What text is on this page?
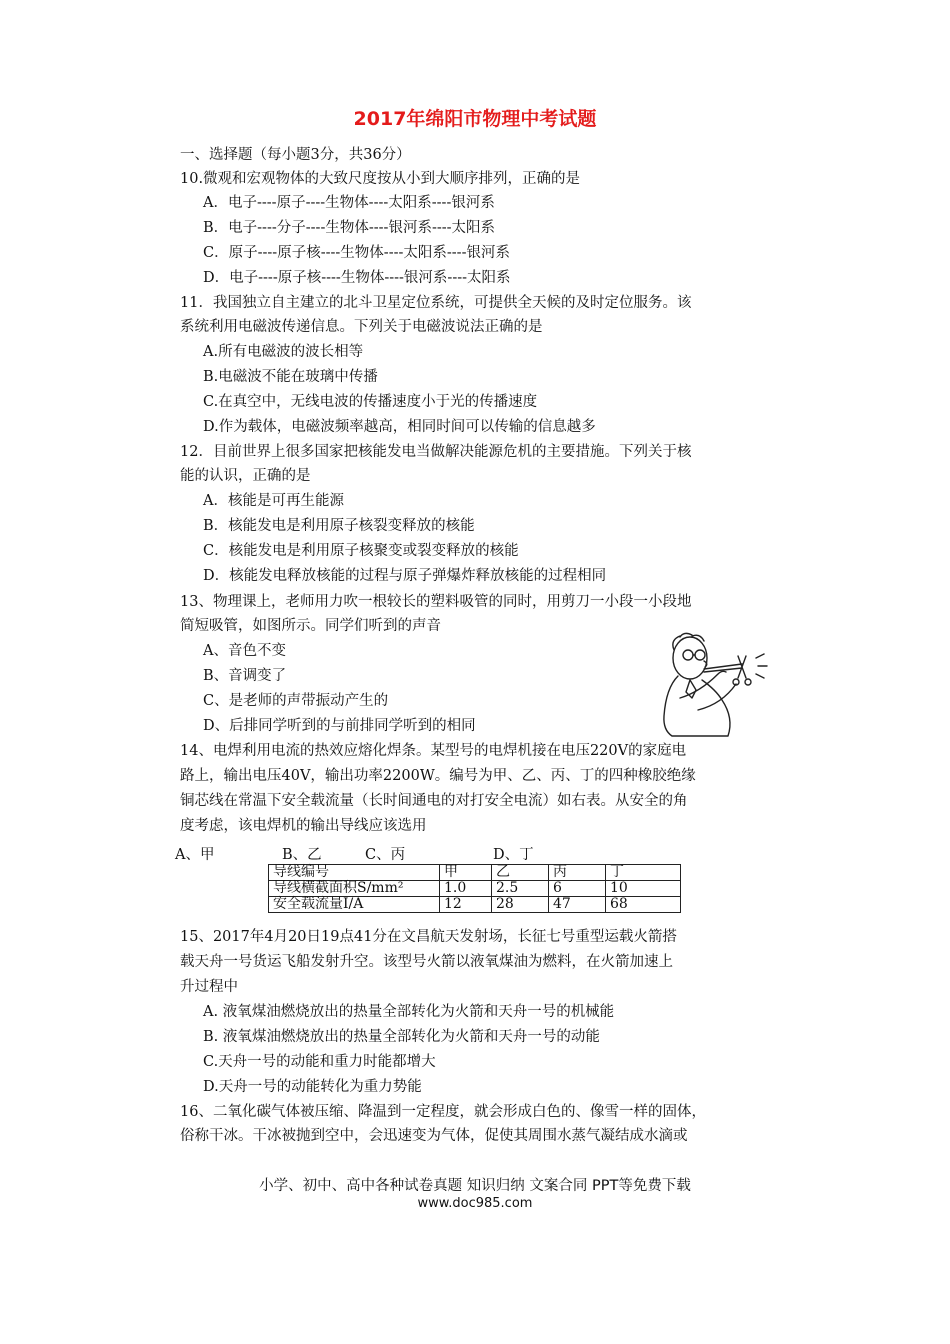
2017年绵阳市物理中考试题
一、选择题（每小题3分，共36分）
10.微观和宏观物体的大致尺度按从小到大顺序排列，正确的是
A．电子----原子----生物体----太阳系----银河系
B．电子----分子----生物体----银河系----太阳系
C．原子----原子核----生物体----太阳系----银河系
D．电子----原子核----生物体----银河系----太阳系
11．我国独立自主建立的北斗卫星定位系统，可提供全天候的及时定位服务。该
系统利用电磁波传递信息。下列关于电磁波说法正确的是
A.所有电磁波的波长相等
B.电磁波不能在玻璃中传播
C.在真空中，无线电波的传播速度小于光的传播速度
D.作为载体，电磁波频率越高，相同时间可以传输的信息越多
12．目前世界上很多国家把核能发电当做解决能源危机的主要措施。下列关于核
能的认识，正确的是
A．核能是可再生能源
B．核能发电是利用原子核裂变释放的核能
C．核能发电是利用原子核聚变或裂变释放的核能
D．核能发电释放核能的过程与原子弹爆炸释放核能的过程相同
13、物理课上，老师用力吹一根较长的塑料吸管的同时，用剪刀一小段一小段地
简短吸管，如图所示。同学们听到的声音
A、音色不变
B、音调变了
C、是老师的声带振动产生的
D、后排同学听到的与前排同学听到的相同
14、电焊利用电流的热效应熔化焊条。某型号的电焊机接在电压220V的家庭电
路上，输出电压40V，输出功率2200W。编号为甲、乙、丙、丁的四种橡胶绝缘
铜芯线在常温下安全载流量（长时间通电的对打安全电流）如右表。从安全的角
度考虑，该电焊机的输出导线应该选用
A、甲	B、乙	C、丙	D、丁
导线编号	甲	乙	丙	丁
导线横截面积S/mm²	1.0	2.5	6	10
安全载流量I/A	12	28	47	68
15、2017年4月20日19点41分在文昌航天发射场，长征七号重型运载火箭搭
载天舟一号货运飞船发射升空。该型号火箭以液氧煤油为燃料，在火箭加速上
升过程中
A. 液氧煤油燃烧放出的热量全部转化为火箭和天舟一号的机械能
B. 液氧煤油燃烧放出的热量全部转化为火箭和天舟一号的动能
C.天舟一号的动能和重力时能都增大
D.天舟一号的动能转化为重力势能
16、二氧化碳气体被压缩、降温到一定程度，就会形成白色的、像雪一样的固体，
俗称干冰。干冰被抛到空中，会迅速变为气体，促使其周围水蒸气凝结成水滴或
小学、初中、高中各种试卷真题 知识归纳 文案合同 PPT等免费下载
www.doc985.com
